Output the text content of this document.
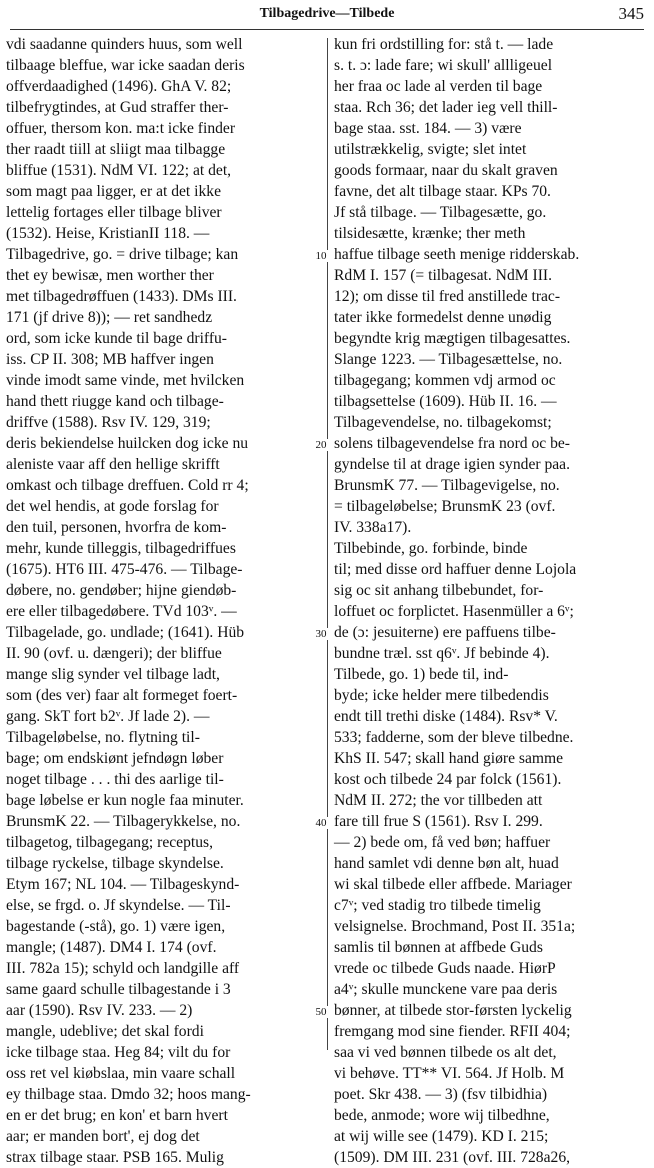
Tilbagedrive—Tilbede	345
vdi saadanne quinders huus, som well
tilbaage bleffue, war icke saadan deris
offverdaadighed (1496). GhA V. 82;
tilbefrygtindes, at Gud straffer ther-
offuer, thersom kon. ma:t icke finder
ther raadt tiill at sliigt maa tilbagge
bliffue (1531). NdM VI. 122; at det,
som magt paa ligger, er at det ikke
lettelig fortages eller tilbage bliver
(1532). Heise, KristianII 118. —
Tilbagedrive, go. = drive tilbage; kan
thet ey bewisæ, men worther ther
met tilbagedrøffuen (1433). DMs III.
171 (jf drive 8)); — ret sandhedz
ord, som icke kunde til bage driffu-
iss. CP II. 308; MB haffver ingen
vinde imodt same vinde, met hvilcken
hand thett riugge kand och tilbage-
driffve (1588). Rsv IV. 129, 319;
deris bekiendelse huilcken dog icke nu
aleniste vaar aff den hellige skrifft
omkast och tilbage dreffuen. Cold rr 4;
det wel hendis, at gode forslag for
den tuil, personen, hvorfra de kom-
mehr, kunde tilleggis, tilbagedriffues
(1675). HT6 III. 475-476. — Tilbage-
døbere, no. gendøber; hijne giendøb-
ere eller tilbagedøbere. TVd 103ᵛ. —
Tilbagelade, go. undlade; (1641). Hüb
II. 90 (ovf. u. dængeri); der bliffue
mange slig synder vel tilbage ladt,
som (des ver) faar alt formeget foert-
gang. SkT fort b2ᵛ. Jf lade 2). —
Tilbageløbelse, no. flytning til-
bage; om endskiønt jefndøgn løber
noget tilbage . . . thi des aarlige til-
bage løbelse er kun nogle faa minuter.
BrunsmK 22. — Tilbagerykkelse, no.
tilbagetog, tilbagegang; receptus,
tilbage ryckelse, tilbage skyndelse.
Etym 167; NL 104. — Tilbageskynd-
else, se frgd. o. Jf skyndelse. — Til-
bagestande (-stå), go. 1) være igen,
mangle; (1487). DM4 I. 174 (ovf.
III. 782a 15); schyld och landgille aff
same gaard schulle tilbagestande i 3
aar (1590). Rsv IV. 233. — 2)
mangle, udeblive; det skal fordi
icke tilbage staa. Heg 84; vilt du for
oss ret vel kiøbslaa, min vaare schall
ey thilbage staa. Dmdo 32; hoos mang-
en er det brug; en kon' et barn hvert
aar; er manden bort', ej dog det
strax tilbage staar. PSB 165. Mulig
kun fri ordstilling for: stå t. — lade
s. t. ɔ: lade fare; wi skull' allligeuel
her fraa oc lade al verden til bage
staa. Rch 36; det lader ieg vell thill-
bage staa. sst. 184. — 3) være
utilstrækkelig, svigte; slet intet
goods formaar, naar du skalt graven
favne, det alt tilbage staar. KPs 70.
Jf stå tilbage. — Tilbagesætte, go.
tilsidesætte, krænke; ther meth
haffue tilbage seeth menige ridderskab.
RdM I. 157 (= tilbagesat. NdM III.
12); om disse til fred anstillede trac-
tater ikke formedelst denne unødig
begyndte krig mægtigen tilbagesattes.
Slange 1223. — Tilbagesættelse, no.
tilbagegang; kommen vdj armod oc
tilbagsettelse (1609). Hüb II. 16. —
Tilbagevendelse, no. tilbagekomst;
solens tilbagevendelse fra nord oc be-
gyndelse til at drage igien synder paa.
BrunsmK 77. — Tilbagevigelse, no.
= tilbageløbelse; BrunsmK 23 (ovf.
IV. 338a17).
Tilbebinde, go. forbinde, binde
til; med disse ord haffuer denne Lojola
sig oc sit anhang tilbebundet, for-
loffuet oc forplictet. Hasenmüller a 6ᵛ;
de (ɔ: jesuiterne) ere paffuens tilbe-
bundne træl. sst q6ᵛ. Jf bebinde 4).
Tilbede, go. 1) bede til, ind-
byde; icke helder mere tilbedendis
endt till trethi diske (1484). Rsv* V.
533; fadderne, som der bleve tilbedne.
KhS II. 547; skall hand giøre samme
kost och tilbede 24 par folck (1561).
NdM II. 272; the vor tillbeden att
fare till frue S (1561). Rsv I. 299.
— 2) bede om, få ved bøn; haffuer
hand samlet vdi denne bøn alt, huad
wi skal tilbede eller affbede. Mariager
c7ᵛ; ved stadig tro tilbede timelig
velsignelse. Brochmand, Post II. 351a;
samlis til bønnen at affbede Guds
vrede oc tilbede Guds naade. HiørP
a4ᵛ; skulle munckene vare paa deris
bønner, at tilbede stor-førsten lyckelig
fremgang mod sine fiender. RFII 404;
saa vi ved bønnen tilbede os alt det,
vi behøve. TT** VI. 564. Jf Holb. M
poet. Skr 438. — 3) (fsv tilbidhia)
bede, anmode; wore wij tilbedhne,
at wij wille see (1479). KD I. 215;
(1509). DM III. 231 (ovf. III. 728a26,
10
20
30
40
50
